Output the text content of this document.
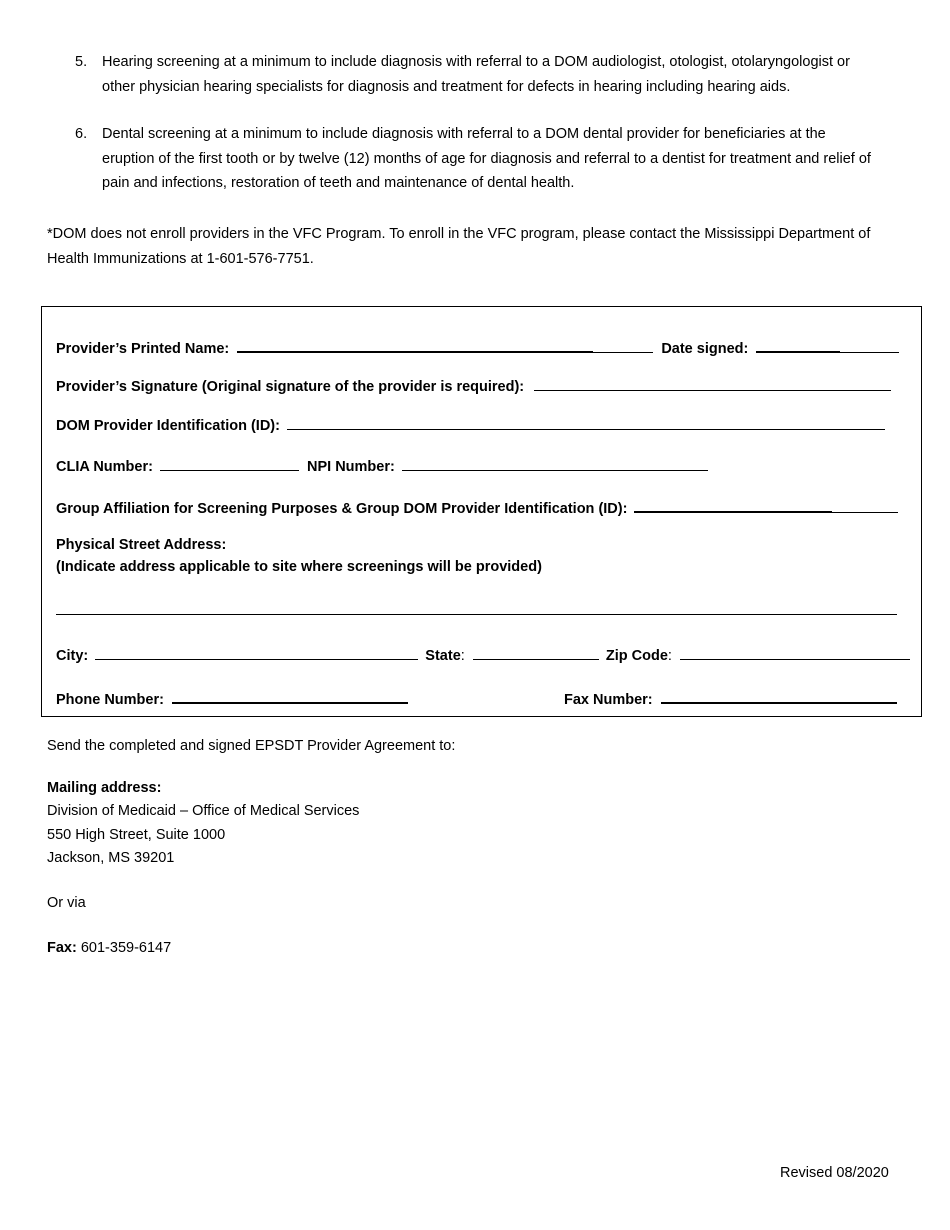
5. Hearing screening at a minimum to include diagnosis with referral to a DOM audiologist, otologist, otolaryngologist or other physician hearing specialists for diagnosis and treatment for defects in hearing including hearing aids.
6. Dental screening at a minimum to include diagnosis with referral to a DOM dental provider for beneficiaries at the eruption of the first tooth or by twelve (12) months of age for diagnosis and referral to a dentist for treatment and relief of pain and infections, restoration of teeth and maintenance of dental health.
*DOM does not enroll providers in the VFC Program. To enroll in the VFC program, please contact the Mississippi Department of Health Immunizations at 1-601-576-7751.
Provider’s Printed Name:	Date signed:
Provider’s Signature (Original signature of the provider is required):
DOM Provider Identification (ID):
CLIA Number:	NPI Number:
Group Affiliation for Screening Purposes & Group DOM Provider Identification (ID):
Physical Street Address:
(Indicate address applicable to site where screenings will be provided)
City:	State:	Zip Code:
Phone Number:	Fax Number:
Send the completed and signed EPSDT Provider Agreement to:
Mailing address:
Division of Medicaid – Office of Medical Services
550 High Street, Suite 1000
Jackson, MS 39201
Or via
Fax: 601-359-6147
Revised 08/2020
